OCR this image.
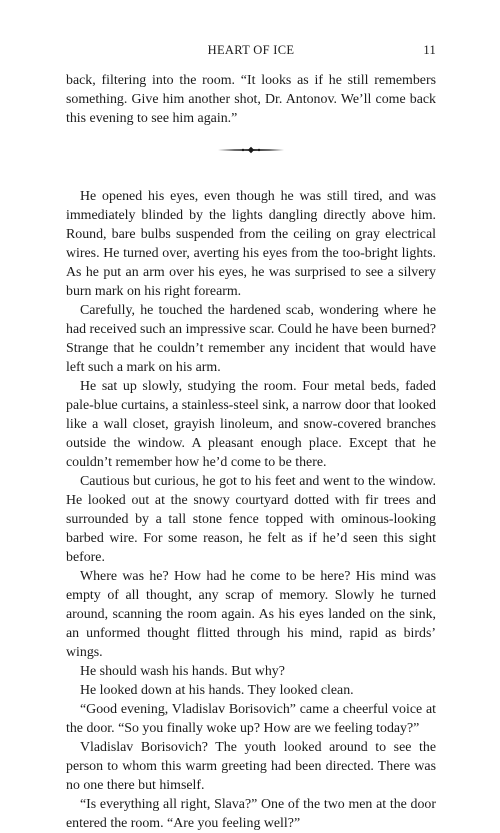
HEART OF ICE	11

back, filtering into the room. “It looks as if he still remembers something. Give him another shot, Dr. Antonov. We’ll come back this evening to see him again.”

He opened his eyes, even though he was still tired, and was immediately blinded by the lights dangling directly above him. Round, bare bulbs suspended from the ceiling on gray electrical wires. He turned over, averting his eyes from the too-bright lights. As he put an arm over his eyes, he was surprised to see a silvery burn mark on his right forearm.

Carefully, he touched the hardened scab, wondering where he had received such an impressive scar. Could he have been burned? Strange that he couldn’t remember any incident that would have left such a mark on his arm.

He sat up slowly, studying the room. Four metal beds, faded pale-blue curtains, a stainless-steel sink, a narrow door that looked like a wall closet, grayish linoleum, and snow-covered branches outside the window. A pleasant enough place. Except that he couldn’t remember how he’d come to be there.

Cautious but curious, he got to his feet and went to the window. He looked out at the snowy courtyard dotted with fir trees and surrounded by a tall stone fence topped with ominous-looking barbed wire. For some reason, he felt as if he’d seen this sight before.

Where was he? How had he come to be here? His mind was empty of all thought, any scrap of memory. Slowly he turned around, scanning the room again. As his eyes landed on the sink, an unformed thought flitted through his mind, rapid as birds’ wings.

He should wash his hands. But why?

He looked down at his hands. They looked clean.

“Good evening, Vladislav Borisovich” came a cheerful voice at the door. “So you finally woke up? How are we feeling today?”

Vladislav Borisovich? The youth looked around to see the person to whom this warm greeting had been directed. There was no one there but himself.

“Is everything all right, Slava?” One of the two men at the door entered the room. “Are you feeling well?”
